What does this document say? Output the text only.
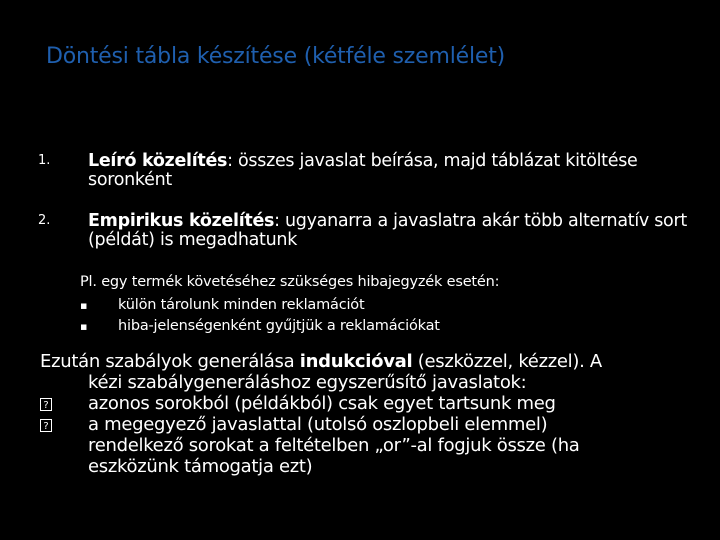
Döntési tábla készítése (kétféle szemlélet)
1. Leíró közelítés: összes javaslat beírása, majd táblázat kitöltése soronként
2. Empirikus közelítés: ugyanarra a javaslatra akár több alternatív sort (példát) is megadhatunk
Pl. egy termék követéséhez szükséges hibajegyzék esetén:
▪ külön tárolunk minden reklamációt
▪ hiba-jelenségenként gyűjtjük a reklamációkat
Ezután szabályok generálása indukcióval (eszközzel, kézzel). A
kézi szabálygeneráláshoz egyszerűsítő javaslatok:
? azonos sorokból (példákból) csak egyet tartsunk meg
? a megegyező javaslattal (utolsó oszlopbeli elemmel)
rendelkező sorokat a feltételben „or”-al fogjuk össze (ha
eszközünk támogatja ezt)
